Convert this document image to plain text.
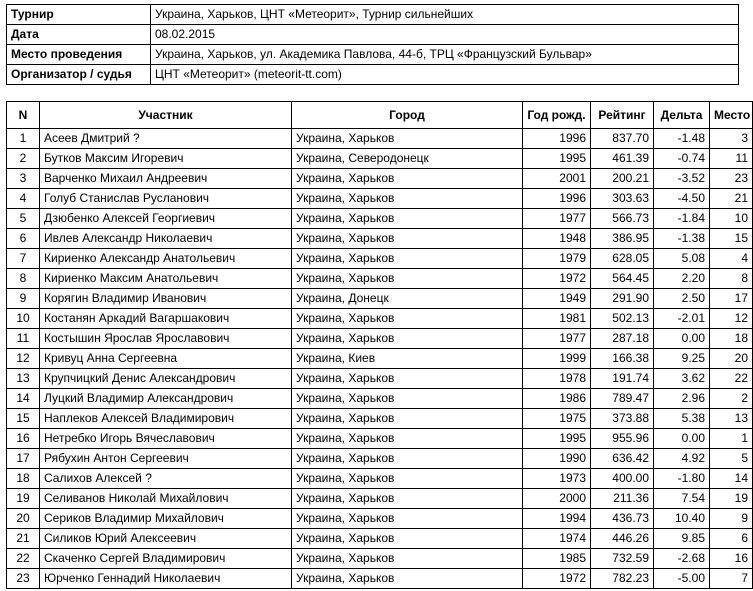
Турнир	Украина, Харьков, ЦНТ «Метеорит», Турнир сильнейших
Дата	08.02.2015
Место проведения	Украина, Харьков, ул. Академика Павлова, 44-б, ТРЦ «Французский Бульвар»
Организатор / судья	ЦНТ «Метеорит» (meteorit-tt.com)
N	Участник	Город	Год рожд.	Рейтинг	Дельта	Место
1	Асеев Дмитрий ?	Украина, Харьков	1996	837.70	-1.48	3
2	Бутков Максим Игоревич	Украина, Северодонецк	1995	461.39	-0.74	11
3	Варченко Михаил Андреевич	Украина, Харьков	2001	200.21	-3.52	23
4	Голуб Станислав Русланович	Украина, Харьков	1996	303.63	-4.50	21
5	Дзюбенко Алексей Георгиевич	Украина, Харьков	1977	566.73	-1.84	10
6	Ивлев Александр Николаевич	Украина, Харьков	1948	386.95	-1.38	15
7	Кириенко Александр Анатольевич	Украина, Харьков	1979	628.05	5.08	4
8	Кириенко Максим Анатольевич	Украина, Харьков	1972	564.45	2.20	8
9	Корягин Владимир Иванович	Украина, Донецк	1949	291.90	2.50	17
10	Костанян Аркадий Вагаршакович	Украина, Харьков	1981	502.13	-2.01	12
11	Костышин Ярослав Ярославович	Украина, Харьков	1977	287.18	0.00	18
12	Кривуц Анна Сергеевна	Украина, Киев	1999	166.38	9.25	20
13	Крупчицкий Денис Александрович	Украина, Харьков	1978	191.74	3.62	22
14	Луцкий Владимир Александрович	Украина, Харьков	1986	789.47	2.96	2
15	Наплеков Алексей Владимирович	Украина, Харьков	1975	373.88	5.38	13
16	Нетребко Игорь Вячеславович	Украина, Харьков	1995	955.96	0.00	1
17	Рябухин Антон Сергеевич	Украина, Харьков	1990	636.42	4.92	5
18	Салихов Алексей ?	Украина, Харьков	1973	400.00	-1.80	14
19	Селиванов Николай Михайлович	Украина, Харьков	2000	211.36	7.54	19
20	Сериков Владимир Михайлович	Украина, Харьков	1994	436.73	10.40	9
21	Силиков Юрий Алексеевич	Украина, Харьков	1974	446.26	9.85	6
22	Скаченко Сергей Владимирович	Украина, Харьков	1985	732.59	-2.68	16
23	Юрченко Геннадий Николаевич	Украина, Харьков	1972	782.23	-5.00	7
